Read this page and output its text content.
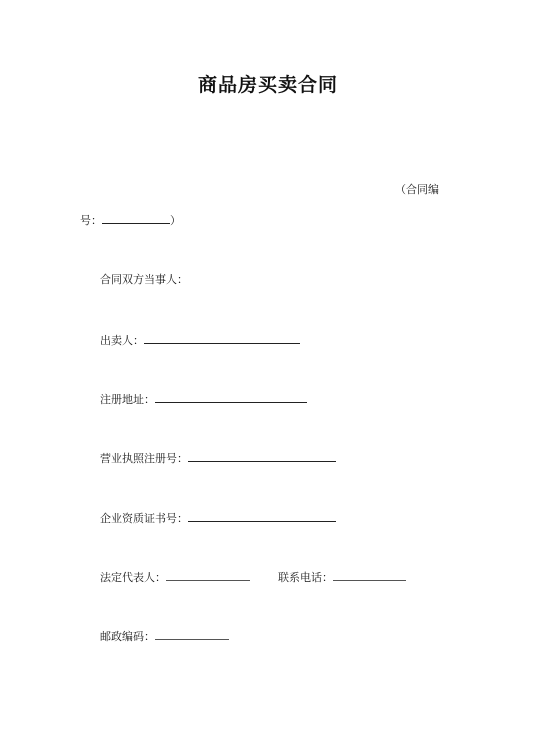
商品房买卖合同
（合同编
号：	）
合同双方当事人：
出卖人：
注册地址：
营业执照注册号：
企业资质证书号：
法定代表人：	联系电话：
邮政编码：
